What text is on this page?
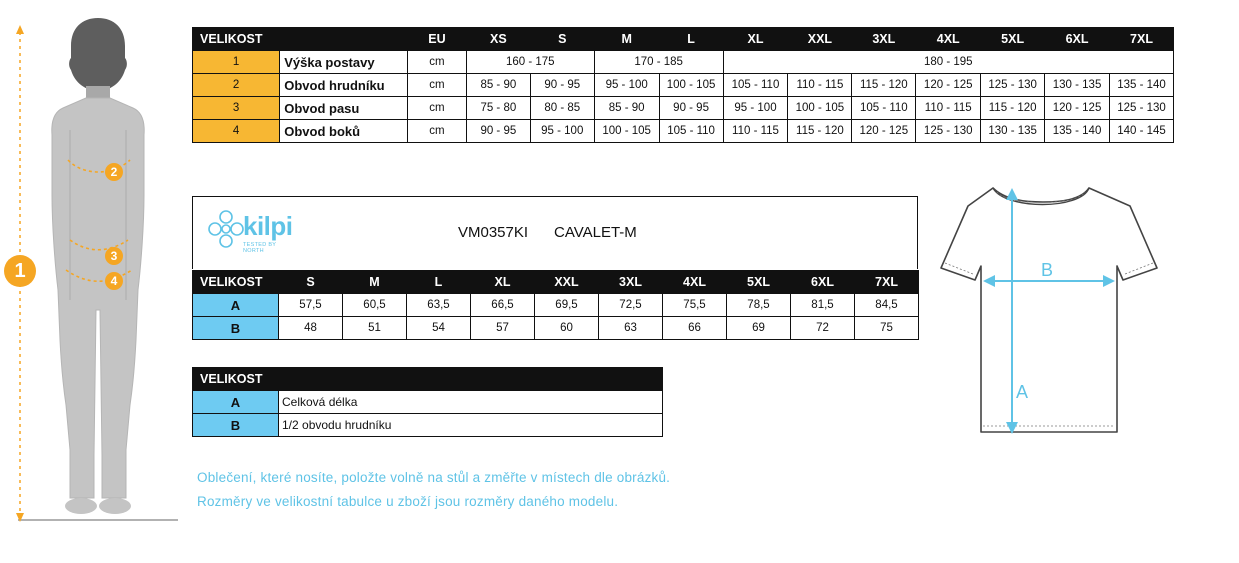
1
2
3
4
VELIKOST		EU	XS	S	M	L	XL	XXL	3XL	4XL	5XL	6XL	7XL
1	Výška postavy	cm	160 - 175		170 - 185		180 - 195						
2	Obvod hrudníku	cm	85 - 90	90 - 95	95 - 100	100 - 105	105 - 110	110 - 115	115 - 120	120 - 125	125 - 130	130 - 135	135 - 140
3	Obvod pasu	cm	75 - 80	80 - 85	85 - 90	90 - 95	95 - 100	100 - 105	105 - 110	110 - 115	115 - 120	120 - 125	125 - 130
4	Obvod boků	cm	90 - 95	95 - 100	100 - 105	105 - 110	110 - 115	115 - 120	120 - 125	125 - 130	130 - 135	135 - 140	140 - 145
kilpi
TESTED BY NORTH
VM0357KI CAVALET-M
VELIKOST	S	M	L	XL	XXL	3XL	4XL	5XL	6XL	7XL
A	57,5	60,5	63,5	66,5	69,5	72,5	75,5	78,5	81,5	84,5
B	48	51	54	57	60	63	66	69	72	75
VELIKOST	
A	Celková délka
B	1/2 obvodu hrudníku
Oblečení, které nosíte, položte volně na stůl a změřte v místech dle obrázků.
Rozměry ve velikostní tabulce u zboží jsou rozměry daného modelu.
B
A
